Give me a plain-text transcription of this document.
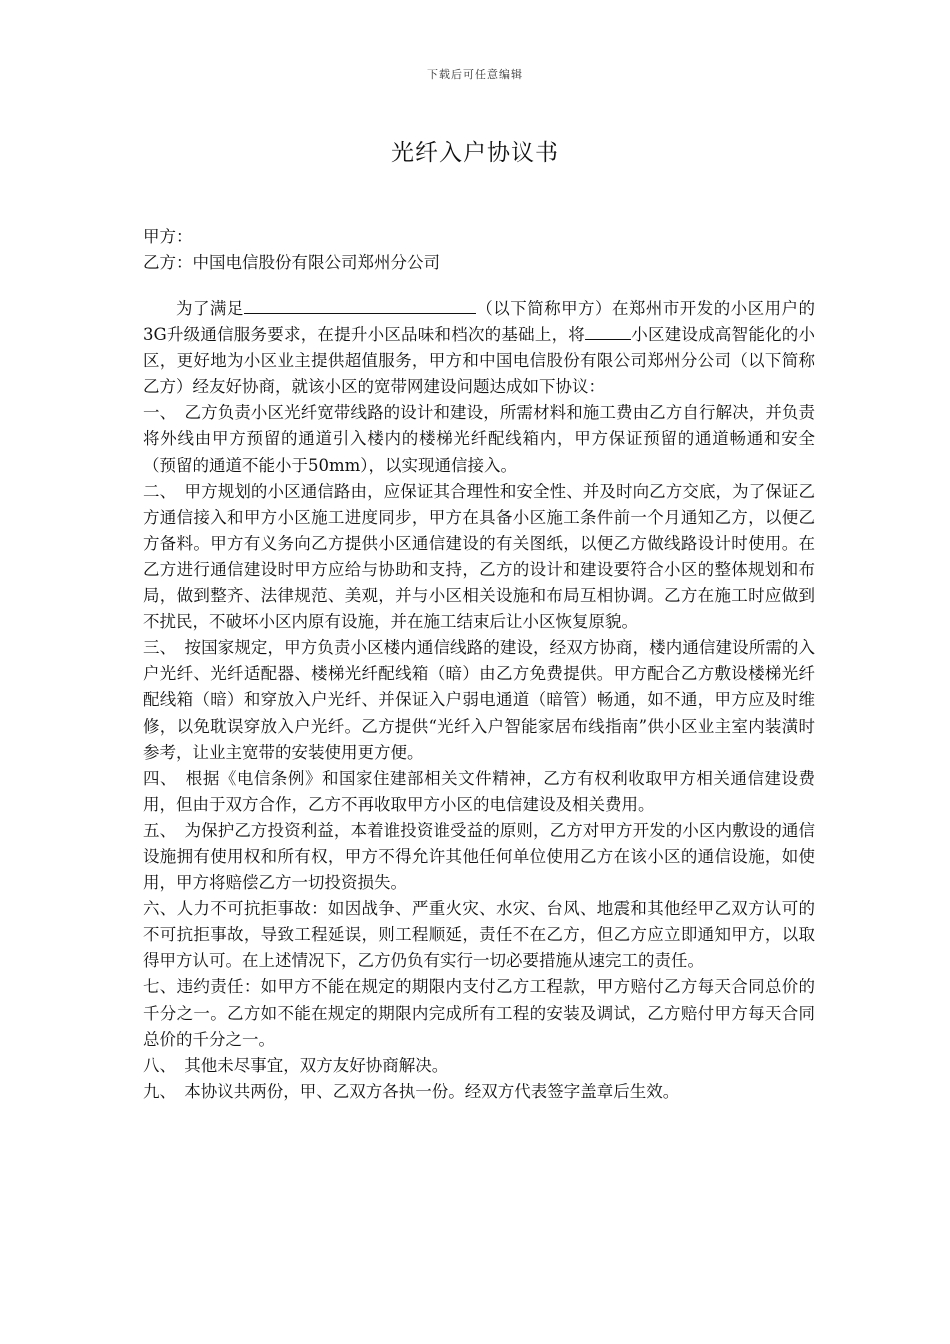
下载后可任意编辑
光纤入户协议书

甲方：

乙方：中国电信股份有限公司郑州分公司

为了满足	（以下简称甲方）在郑州市开发的小区用户的3G升级通信服务要求，在提升小区品味和档次的基础上，将	小区建设成高智能化的小区，更好地为小区业主提供超值服务，甲方和中国电信股份有限公司郑州分公司（以下简称乙方）经友好协商，就该小区的宽带网建设问题达成如下协议：

一、　乙方负责小区光纤宽带线路的设计和建设，所需材料和施工费由乙方自行解决，并负责将外线由甲方预留的通道引入楼内的楼梯光纤配线箱内，甲方保证预留的通道畅通和安全（预留的通道不能小于50mm），以实现通信接入。

二、　甲方规划的小区通信路由，应保证其合理性和安全性、并及时向乙方交底，为了保证乙方通信接入和甲方小区施工进度同步，甲方在具备小区施工条件前一个月通知乙方，以便乙方备料。甲方有义务向乙方提供小区通信建设的有关图纸，以便乙方做线路设计时使用。在乙方进行通信建设时甲方应给与协助和支持，乙方的设计和建设要符合小区的整体规划和布局，做到整齐、法律规范、美观，并与小区相关设施和布局互相协调。乙方在施工时应做到不扰民，不破坏小区内原有设施，并在施工结束后让小区恢复原貌。

三、　按国家规定，甲方负责小区楼内通信线路的建设，经双方协商，楼内通信建设所需的入户光纤、光纤适配器、楼梯光纤配线箱（暗）由乙方免费提供。甲方配合乙方敷设楼梯光纤配线箱（暗）和穿放入户光纤、并保证入户弱电通道（暗管）畅通，如不通，甲方应及时维修，以免耽误穿放入户光纤。乙方提供“光纤入户智能家居布线指南”供小区业主室内装潢时参考，让业主宽带的安装使用更方便。

四、　根据《电信条例》和国家住建部相关文件精神，乙方有权利收取甲方相关通信建设费用，但由于双方合作，乙方不再收取甲方小区的电信建设及相关费用。

五、　为保护乙方投资利益，本着谁投资谁受益的原则，乙方对甲方开发的小区内敷设的通信设施拥有使用权和所有权，甲方不得允许其他任何单位使用乙方在该小区的通信设施，如使用，甲方将赔偿乙方一切投资损失。

六、人力不可抗拒事故：如因战争、严重火灾、水灾、台风、地震和其他经甲乙双方认可的不可抗拒事故，导致工程延误，则工程顺延，责任不在乙方，但乙方应立即通知甲方，以取得甲方认可。在上述情况下，乙方仍负有实行一切必要措施从速完工的责任。

七、违约责任：如甲方不能在规定的期限内支付乙方工程款，甲方赔付乙方每天合同总价的千分之一。乙方如不能在规定的期限内完成所有工程的安装及调试，乙方赔付甲方每天合同总价的千分之一。

八、　其他未尽事宜，双方友好协商解决。

九、　本协议共两份，甲、乙双方各执一份。经双方代表签字盖章后生效。
